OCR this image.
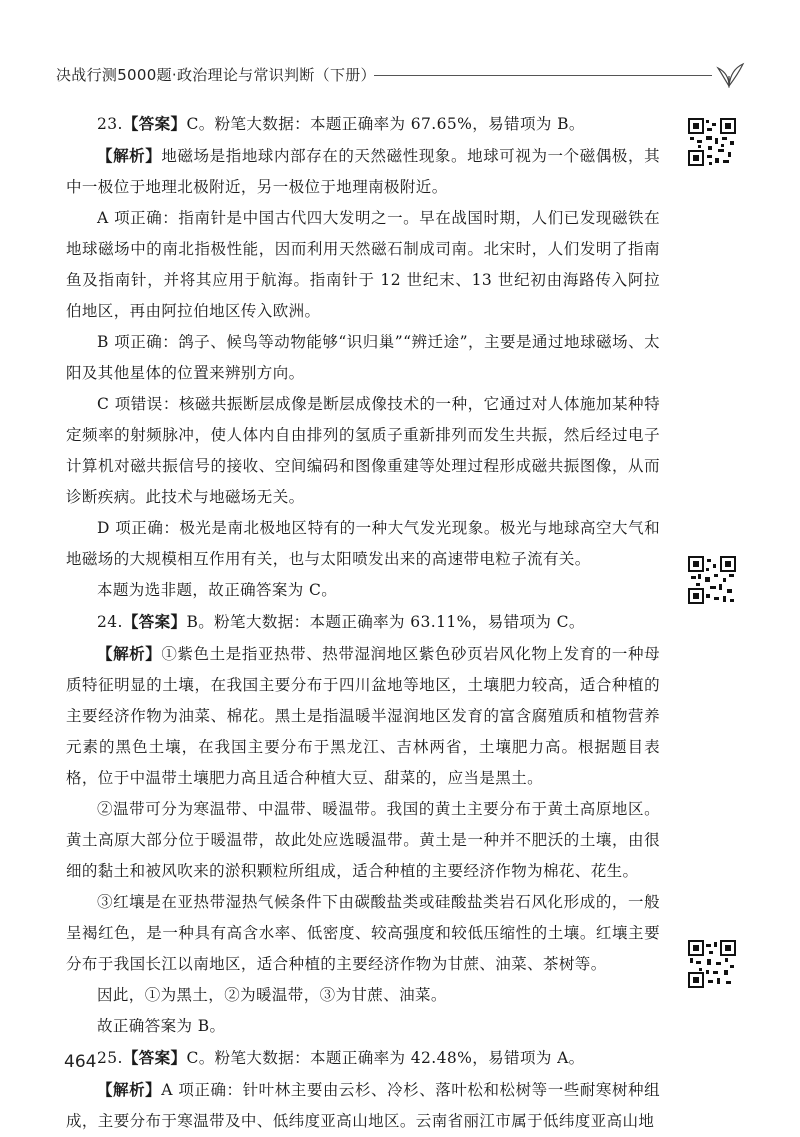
决战行测5000题·政治理论与常识判断（下册）

23.【答案】C。粉笔大数据：本题正确率为 67.65%，易错项为 B。

【解析】地磁场是指地球内部存在的天然磁性现象。地球可视为一个磁偶极，其中一极位于地理北极附近，另一极位于地理南极附近。

A 项正确：指南针是中国古代四大发明之一。早在战国时期，人们已发现磁铁在地球磁场中的南北指极性能，因而利用天然磁石制成司南。北宋时，人们发明了指南鱼及指南针，并将其应用于航海。指南针于 12 世纪末、13 世纪初由海路传入阿拉伯地区，再由阿拉伯地区传入欧洲。

B 项正确：鸽子、候鸟等动物能够“识归巢”“辨迁途”，主要是通过地球磁场、太阳及其他星体的位置来辨别方向。

C 项错误：核磁共振断层成像是断层成像技术的一种，它通过对人体施加某种特定频率的射频脉冲，使人体内自由排列的氢质子重新排列而发生共振，然后经过电子计算机对磁共振信号的接收、空间编码和图像重建等处理过程形成磁共振图像，从而诊断疾病。此技术与地磁场无关。

D 项正确：极光是南北极地区特有的一种大气发光现象。极光与地球高空大气和地磁场的大规模相互作用有关，也与太阳喷发出来的高速带电粒子流有关。

本题为选非题，故正确答案为 C。

24.【答案】B。粉笔大数据：本题正确率为 63.11%，易错项为 C。

【解析】①紫色土是指亚热带、热带湿润地区紫色砂页岩风化物上发育的一种母质特征明显的土壤，在我国主要分布于四川盆地等地区，土壤肥力较高，适合种植的主要经济作物为油菜、棉花。黑土是指温暖半湿润地区发育的富含腐殖质和植物营养元素的黑色土壤，在我国主要分布于黑龙江、吉林两省，土壤肥力高。根据题目表格，位于中温带土壤肥力高且适合种植大豆、甜菜的，应当是黑土。

②温带可分为寒温带、中温带、暖温带。我国的黄土主要分布于黄土高原地区。黄土高原大部分位于暖温带，故此处应选暖温带。黄土是一种并不肥沃的土壤，由很细的黏土和被风吹来的淤积颗粒所组成，适合种植的主要经济作物为棉花、花生。

③红壤是在亚热带湿热气候条件下由碳酸盐类或硅酸盐类岩石风化形成的，一般呈褐红色，是一种具有高含水率、低密度、较高强度和较低压缩性的土壤。红壤主要分布于我国长江以南地区，适合种植的主要经济作物为甘蔗、油菜、茶树等。

因此，①为黑土，②为暖温带，③为甘蔗、油菜。

故正确答案为 B。

25.【答案】C。粉笔大数据：本题正确率为 42.48%，易错项为 A。

【解析】A 项正确：针叶林主要由云杉、冷杉、落叶松和松树等一些耐寒树种组成，主要分布于寒温带及中、低纬度亚高山地区。云南省丽江市属于低纬度亚高山地

464
